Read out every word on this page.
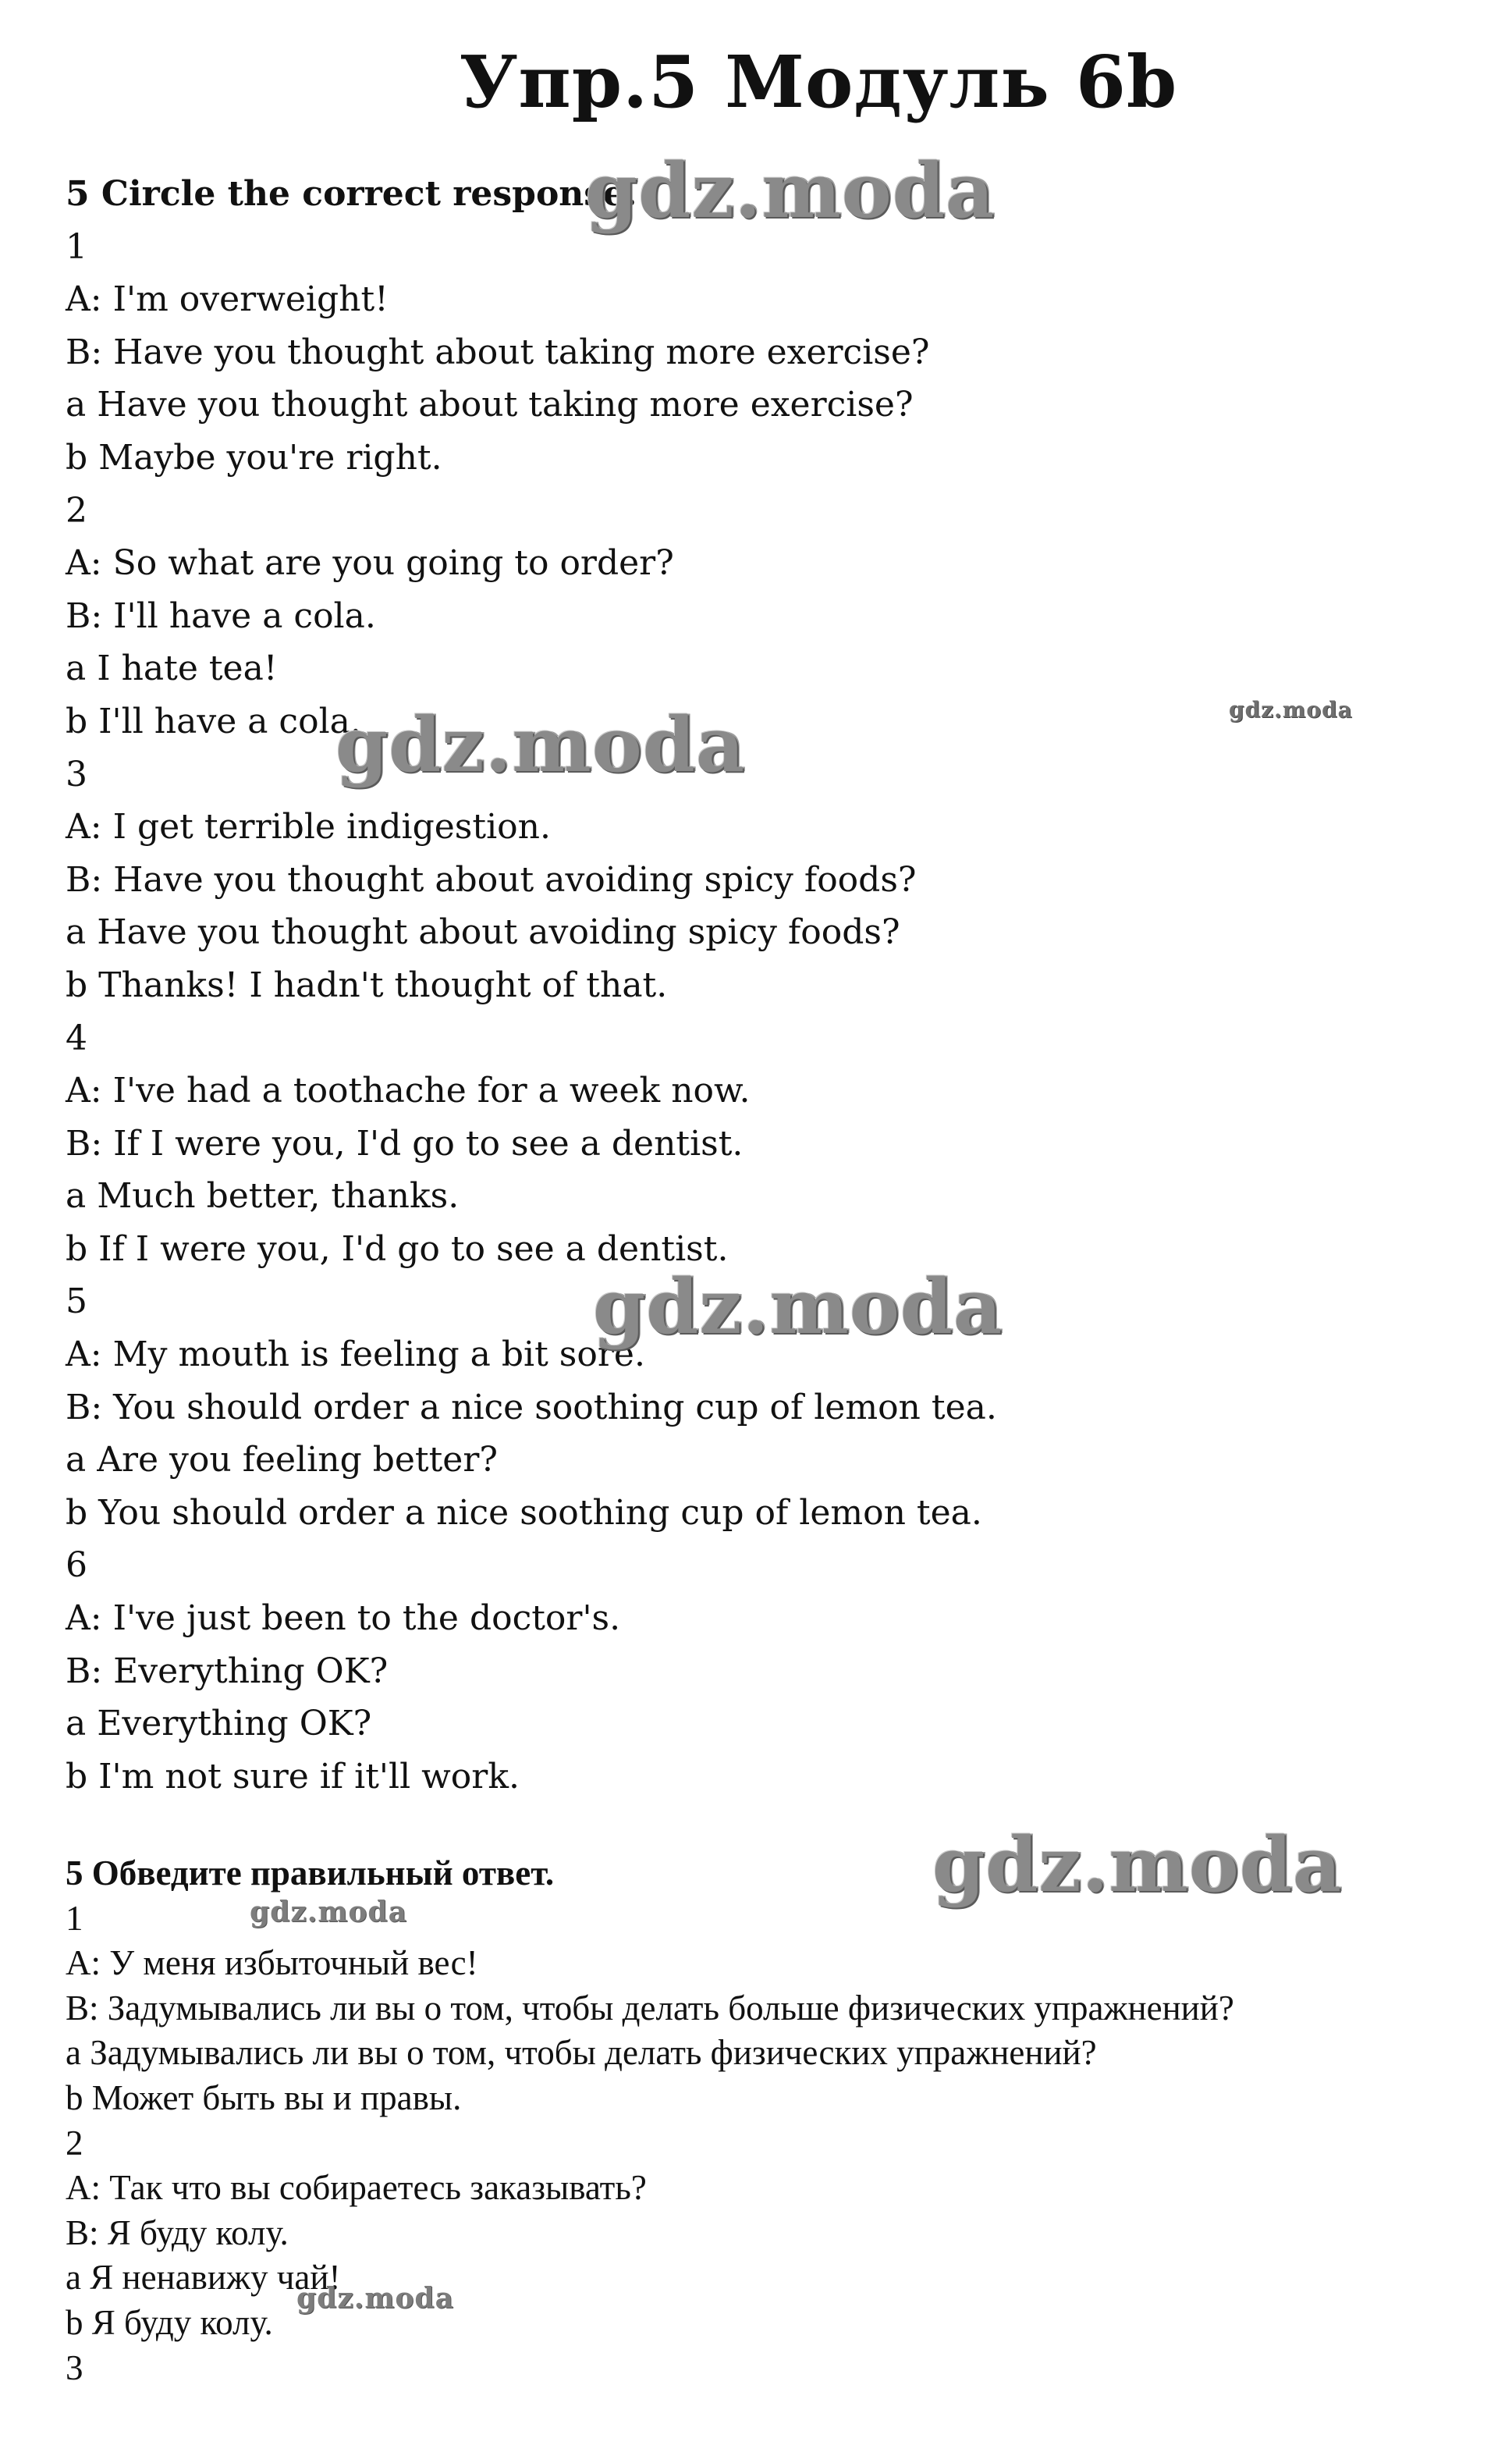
Упр.5 Модуль 6b
5 Circle the correct response.
1
A: I'm overweight!
B: Have you thought about taking more exercise?
a Have you thought about taking more exercise?
b Maybe you're right.
2
A: So what are you going to order?
B: I'll have a cola.
a I hate tea!
b I'll have a cola.
3
A: I get terrible indigestion.
B: Have you thought about avoiding spicy foods?
a Have you thought about avoiding spicy foods?
b Thanks! I hadn't thought of that.
4
A: I've had a toothache for a week now.
B: If I were you, I'd go to see a dentist.
a Much better, thanks.
b If I were you, I'd go to see a dentist.
5
A: My mouth is feeling a bit sore.
B: You should order a nice soothing cup of lemon tea.
a Are you feeling better?
b You should order a nice soothing cup of lemon tea.
6
A: I've just been to the doctor's.
B: Everything OK?
a Everything OK?
b I'm not sure if it'll work.
5 Обведите правильный ответ.
1
А: У меня избыточный вес!
В: Задумывались ли вы о том, чтобы делать больше физических упражнений?
a Задумывались ли вы о том, чтобы делать физических упражнений?
b Может быть вы и правы.
2
А: Так что вы собираетесь заказывать?
В: Я буду колу.
a Я ненавижу чай!
b Я буду колу.
3
gdz.moda
gdz.moda	gdz.moda
gdz.moda
gdz.moda
gdz.moda
gdz.moda
